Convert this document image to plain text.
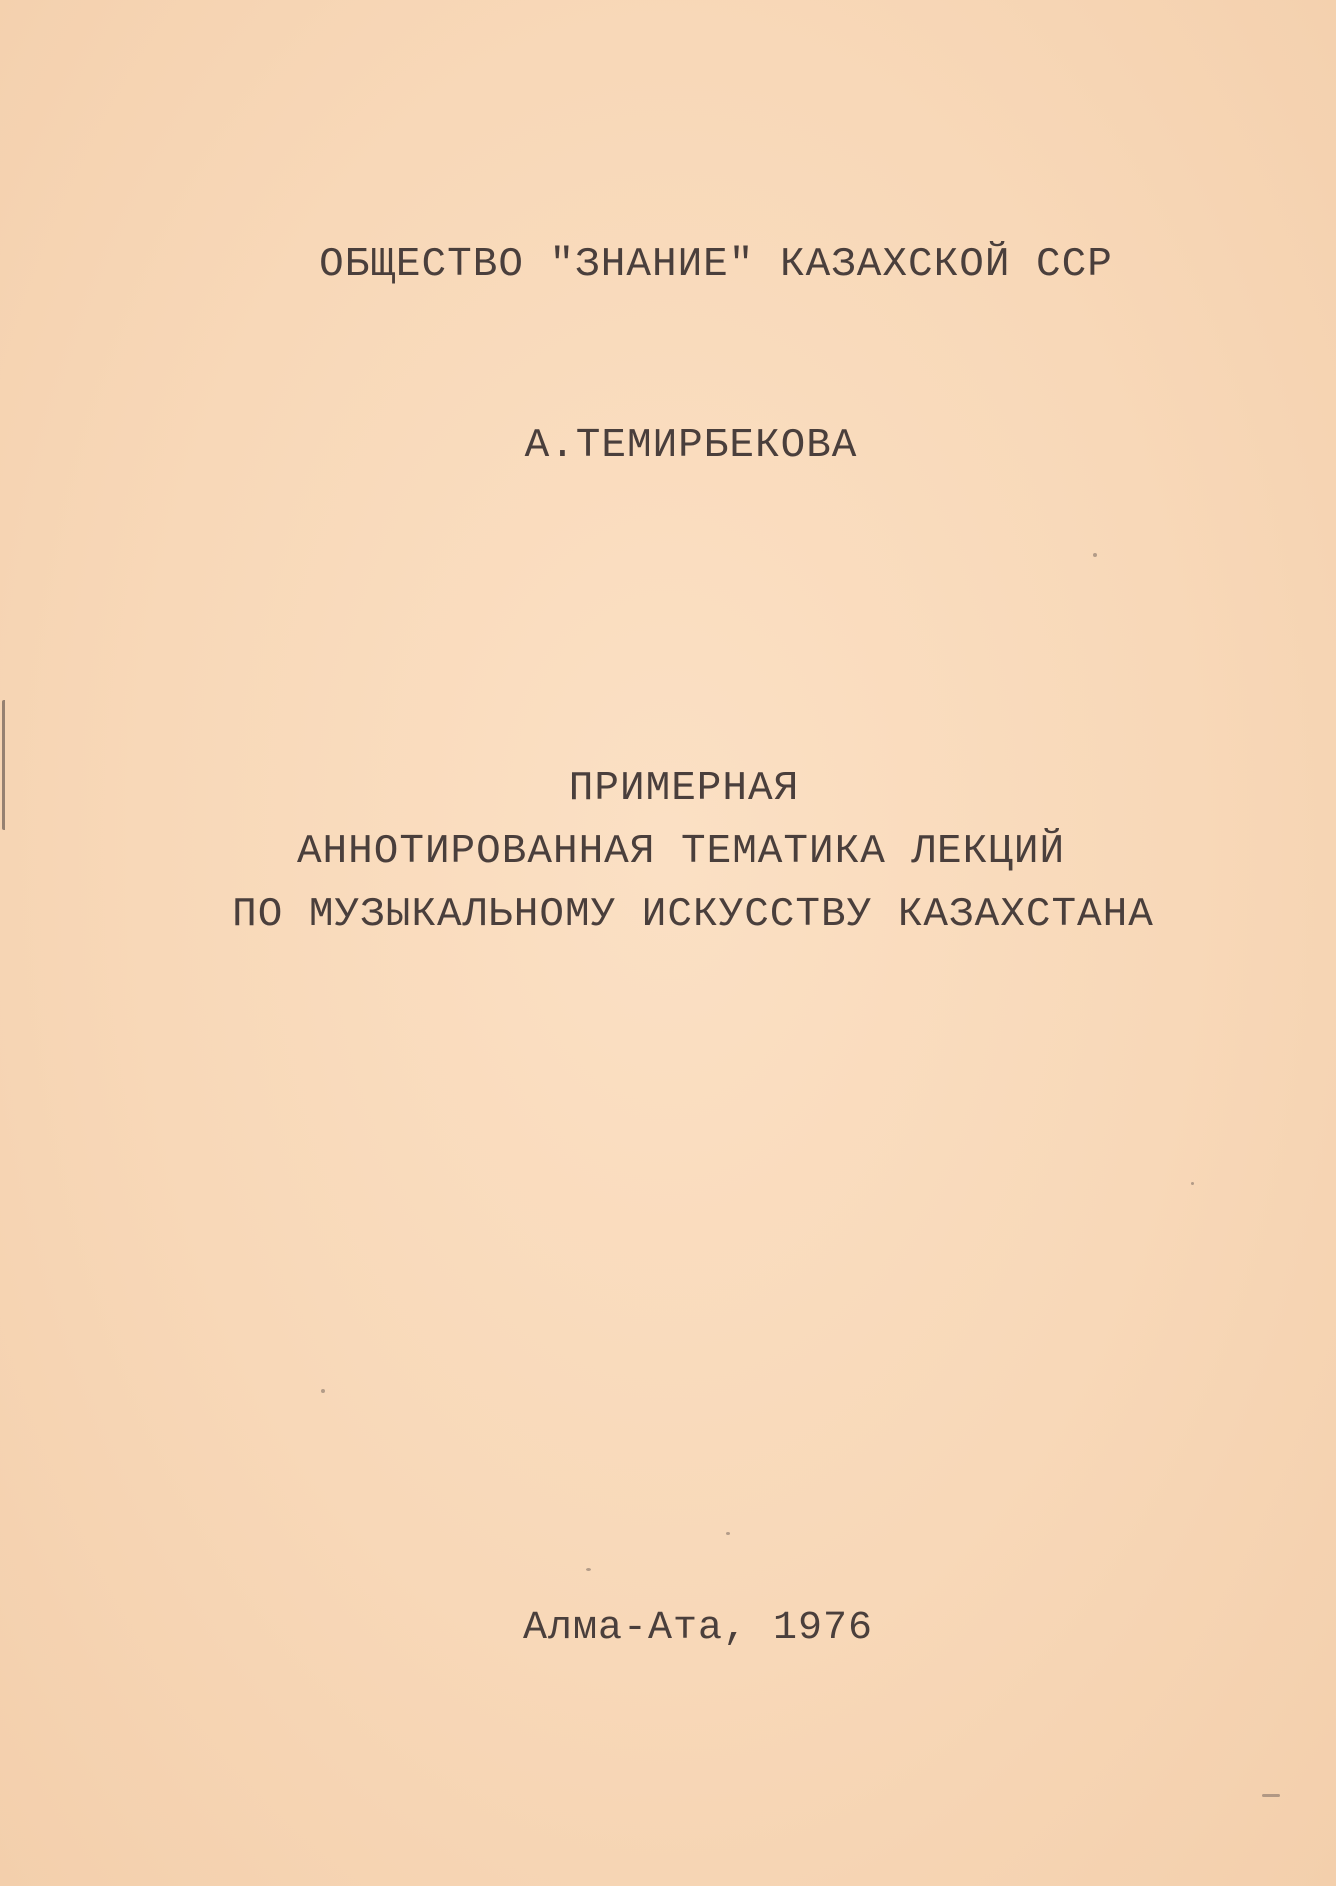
ОБЩЕСТВО "ЗНАНИЕ" КАЗАХСКОЙ ССР
А.ТЕМИРБЕКОВА
ПРИМЕРНАЯ
АННОТИРОВАННАЯ ТЕМАТИКА ЛЕКЦИЙ
ПО МУЗЫКАЛЬНОМУ ИСКУССТВУ КАЗАХСТАНА
Алма-Ата, 1976
